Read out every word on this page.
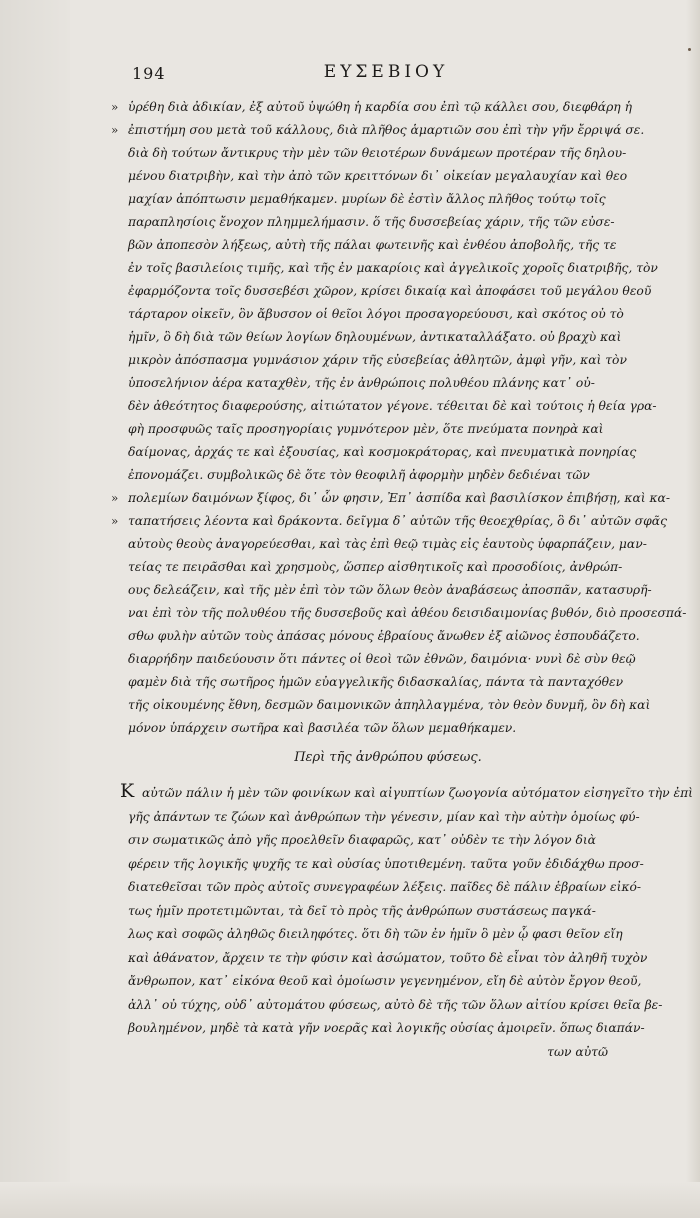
194	ΕΥΣΕΒΙΟΥ
» ὑρέθη διὰ ἀδικίαν, ἐξ αὐτοῦ ὑψώθη ἡ καρδία σου ἐπὶ τῷ κάλλει σου, διεφθάρη ἡ
» ἐπιστήμη σου μετὰ τοῦ κάλλους, διὰ πλῆθος ἁμαρτιῶν σου ἐπὶ τὴν γῆν ἔρριψά σε.
διὰ δὴ τούτων ἄντικρυς τὴν μὲν τῶν θειοτέρων δυνάμεων προτέραν τῆς δηλου-
μένου διατριβὴν, καὶ τὴν ἀπὸ τῶν κρειττόνων δι᾽ οἰκείαν μεγαλαυχίαν καὶ θεο
μαχίαν ἀπόπτωσιν μεμαθήκαμεν. μυρίων δὲ ἐστὶν ἄλλος πλῆθος τούτῳ τοῖς
παραπλησίοις ἔνοχον πλημμελήμασιν. ὅ τῆς δυσσεβείας χάριν, τῆς τῶν εὐσε-
βῶν ἀποπεσὸν λήξεως, αὐτὴ τῆς πάλαι φωτεινῆς καὶ ἐνθέου ἀποβολῆς, τῆς τε
ἐν τοῖς βασιλείοις τιμῆς, καὶ τῆς ἐν μακαρίοις καὶ ἀγγελικοῖς χοροῖς διατριβῆς, τὸν
ἐφαρμόζοντα τοῖς δυσσεβέσι χῶρον, κρίσει δικαίᾳ καὶ ἀποφάσει τοῦ μεγάλου θεοῦ
τάρταρον οἰκεῖν, ὃν ἄβυσσον οἱ θεῖοι λόγοι προσαγορεύουσι, καὶ σκότος οὐ τὸ
ἡμῖν, ὃ δὴ διὰ τῶν θείων λογίων δηλουμένων, ἀντικαταλλάξατο. οὐ βραχὺ καὶ
μικρὸν ἀπόσπασμα γυμνάσιον χάριν τῆς εὐσεβείας ἀθλητῶν, ἀμφὶ γῆν, καὶ τὸν
ὑποσελήνιον ἀέρα καταχθὲν, τῆς ἐν ἀνθρώποις πολυθέου πλάνης κατ᾽ οὐ-
δὲν ἀθεότητος διαφερούσης, αἰτιώτατον γέγονε. τέθειται δὲ καὶ τούτοις ἡ θεία γρα-
φὴ προσφυῶς ταῖς προσηγορίαις γυμνότερον μὲν, ὅτε πνεύματα πονηρὰ καὶ
δαίμονας, ἀρχάς τε καὶ ἐξουσίας, καὶ κοσμοκράτορας, καὶ πνευματικὰ πονηρίας
ἐπονομάζει. συμβολικῶς δὲ ὅτε τὸν θεοφιλῆ ἀφορμὴν μηδὲν δεδιέναι τῶν
» πολεμίων δαιμόνων ξίφος, δι᾽ ὧν φησιν, Ἐπ᾽ ἀσπίδα καὶ βασιλίσκον ἐπιβήσῃ, καὶ κα-
» ταπατήσεις λέοντα καὶ δράκοντα. δεῖγμα δ᾽ αὐτῶν τῆς θεοεχθρίας, ὃ δι᾽ αὐτῶν σφᾶς
αὐτοὺς θεοὺς ἀναγορεύεσθαι, καὶ τὰς ἐπὶ θεῷ τιμὰς εἰς ἑαυτοὺς ὑφαρπάζειν, μαν-
τείας τε πειρᾶσθαι καὶ χρησμοὺς, ὥσπερ αἰσθητικοῖς καὶ προσοδίοις, ἀνθρώπ-
ους δελεάζειν, καὶ τῆς μὲν ἐπὶ τὸν τῶν ὅλων θεὸν ἀναβάσεως ἀποσπᾶν, κατασυρῆ-
ναι ἐπὶ τὸν τῆς πολυθέου τῆς δυσσεβοῦς καὶ ἀθέου δεισιδαιμονίας βυθόν, διὸ προσεσπά-
σθω φυλὴν αὐτῶν τοὺς ἀπάσας μόνους ἑβραίους ἄνωθεν ἐξ αἰῶνος ἐσπουδάζετο.
διαρρήδην παιδεύουσιν ὅτι πάντες οἱ θεοὶ τῶν ἐθνῶν, δαιμόνια· νυνὶ δὲ σὺν θεῷ
φαμὲν διὰ τῆς σωτῆρος ἡμῶν εὐαγγελικῆς διδασκαλίας, πάντα τὰ πανταχόθεν
τῆς οἰκουμένης ἔθνη, δεσμῶν δαιμονικῶν ἀπηλλαγμένα, τὸν θεὸν δυνμῆ, ὃν δὴ καὶ
μόνον ὑπάρχειν σωτῆρα καὶ βασιλέα τῶν ὅλων μεμαθήκαμεν.
Περὶ τῆς ἀνθρώπου φύσεως.
Κ αὐτῶν πάλιν ἡ μὲν τῶν φοινίκων καὶ αἰγυπτίων ζωογονία αὐτόματον εἰσηγεῖτο τὴν ἐπὶ
γῆς ἀπάντων τε ζώων καὶ ἀνθρώπων τὴν γένεσιν, μίαν καὶ τὴν αὐτὴν ὁμοίως φύ-
σιν σωματικῶς ἀπὸ γῆς προελθεῖν διαφαρῶς, κατ᾽ οὐδὲν τε τὴν λόγον διὰ
φέρειν τῆς λογικῆς ψυχῆς τε καὶ οὐσίας ὑποτιθεμένη. ταῦτα γοῦν ἐδιδάχθω προσ-
διατεθεῖσαι τῶν πρὸς αὐτοῖς συνεγραφέων λέξεις. παῖδες δὲ πάλιν ἑβραίων εἰκό-
τως ἡμῖν προτετιμῶνται, τὰ δεῖ τὸ πρὸς τῆς ἀνθρώπων συστάσεως παγκά-
λως καὶ σοφῶς ἀληθῶς διειληφότες. ὅτι δὴ τῶν ἐν ἡμῖν ὃ μὲν ᾧ φασι θεῖον εἴη
καὶ ἀθάνατον, ἄρχειν τε τὴν φύσιν καὶ ἀσώματον, τοῦτο δὲ εἶναι τὸν ἀληθῆ τυχὸν
ἄνθρωπον, κατ᾽ εἰκόνα θεοῦ καὶ ὁμοίωσιν γεγενημένον, εἴη δὲ αὐτὸν ἔργον θεοῦ,
ἀλλ᾽ οὐ τύχης, οὐδ᾽ αὐτομάτου φύσεως, αὐτὸ δὲ τῆς τῶν ὅλων αἰτίου κρίσει θεῖα βε-
βουλημένον, μηδὲ τὰ κατὰ γῆν νοερᾶς καὶ λογικῆς οὐσίας ἀμοιρεῖν. ὅπως διαπάν-
των αὐτῶ
